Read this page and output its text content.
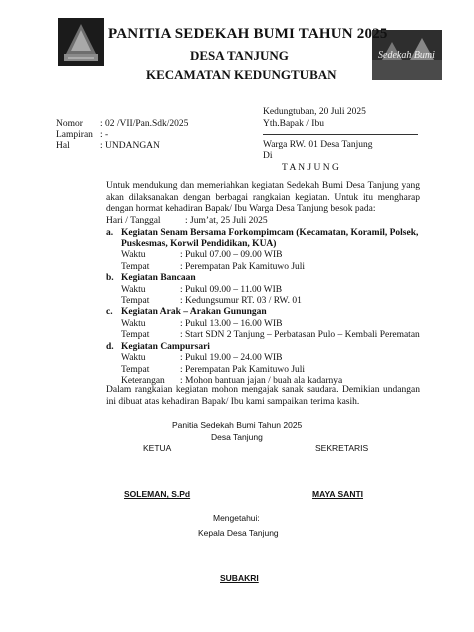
Sedekah Bumi
PANITIA SEDEKAH BUMI TAHUN 2025
DESA TANJUNG
KECAMATAN KEDUNGTUBAN
Kedungtuban, 20 Juli 2025
Yth.Bapak / Ibu
Warga RW. 01 Desa Tanjung
Di
T A N J U N G
Nomor : 02 /VII/Pan.Sdk/2025
Lampiran : -
Hal	: UNDANGAN
Untuk mendukung dan memeriahkan kegiatan Sedekah Bumi Desa Tanjung yang akan dilaksanakan dengan berbagai rangkaian kegiatan. Untuk itu mengharap dengan hormat kehadiran Bapak/ Ibu Warga Desa Tanjung besok pada:
Hari / Tanggal	: Jum’at, 25 Juli 2025
a. Kegiatan Senam Bersama Forkompimcam (Kecamatan, Koramil, Polsek,
Puskesmas, Korwil Pendidikan, KUA)
Waktu	: Pukul 07.00 – 09.00 WIB
Tempat	: Perempatan Pak Kamituwo Juli
b. Kegiatan Bancaan
Waktu	: Pukul 09.00 – 11.00 WIB
Tempat	: Kedungsumur RT. 03 / RW. 01
c. Kegiatan Arak – Arakan Gunungan
Waktu	: Pukul 13.00 – 16.00 WIB
Tempat	: Start SDN 2 Tanjung – Perbatasan Pulo – Kembali Perematan
d. Kegiatan Campursari
Waktu	: Pukul 19.00 – 24.00 WIB
Tempat	: Perempatan Pak Kamituwo Juli
Keterangan : Mohon bantuan jajan / buah ala kadarnya
Dalam rangkaian kegiatan mohon mengajak sanak saudara. Demikian undangan ini dibuat atas kehadiran Bapak/ Ibu kami sampaikan terima kasih.
Panitia Sedekah Bumi Tahun 2025
Desa Tanjung
KETUA	SEKRETARIS
SOLEMAN, S.Pd	MAYA SANTI
Mengetahui:
Kepala Desa Tanjung
SUBAKRI
